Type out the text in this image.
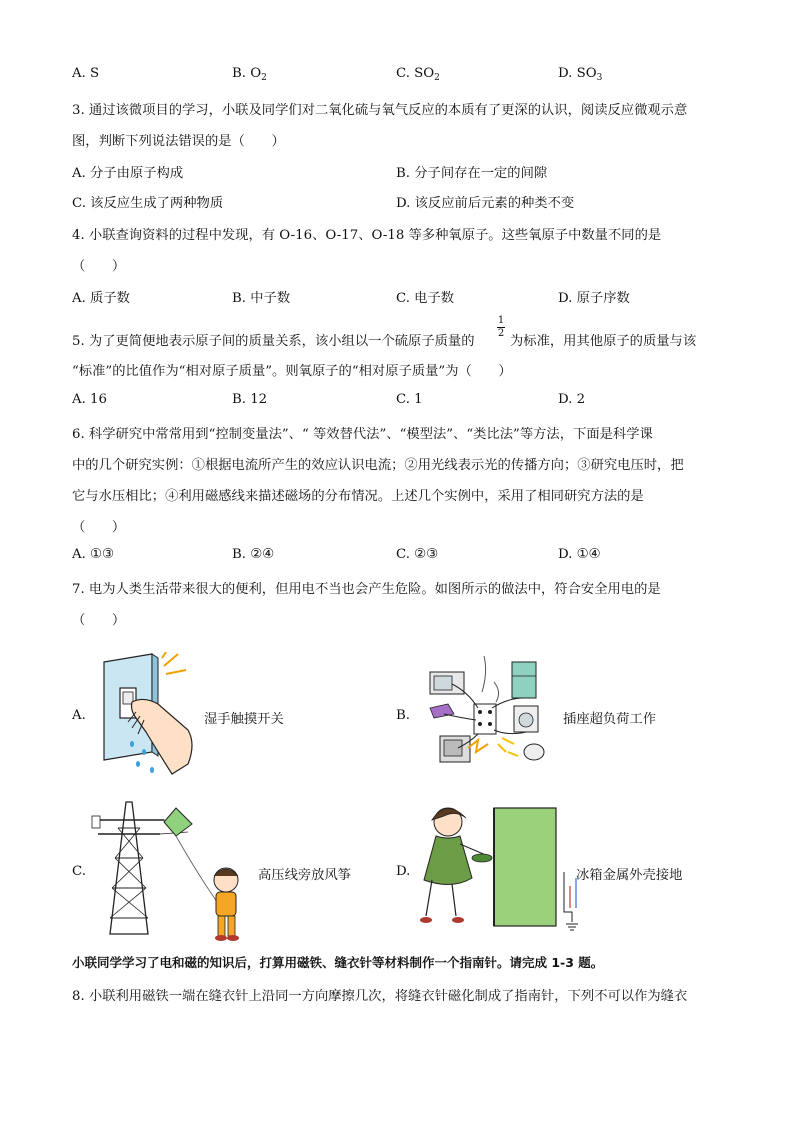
A. S	B. $O_2$	C. $SO_2$	D. $SO_3$
3. 通过该微项目的学习，小联及同学们对二氧化硫与氧气反应的本质有了更深的认识，阅读反应微观示意
图，判断下列说法错误的是（　　）
A. 分子由原子构成	B. 分子间存在一定的间隙
C. 该反应生成了两种物质	D. 该反应前后元素的种类不变
4. 小联查询资料的过程中发现，有 O-16、O-17、O-18 等多种氧原子。这些氧原子中数量不同的是
（　　）
A. 质子数	B. 中子数	C. 电子数	D. 原子序数
1
2
5. 为了更简便地表示原子间的质量关系，该小组以一个硫原子质量的	为标准，用其他原子的质量与该
“标准”的比值作为“相对原子质量”。则氧原子的“相对原子质量”为（　　）
A. 16	B. 12	C. 1	D. 2
6. 科学研究中常常用到“控制变量法”、“ 等效替代法”、“模型法”、“类比法”等方法，下面是科学课
中的几个研究实例：①根据电流所产生的效应认识电流；②用光线表示光的传播方向；③研究电压时，把
它与水压相比；④利用磁感线来描述磁场的分布情况。上述几个实例中，采用了相同研究方法的是
（　　）
A. ①③	B. ②④	C. ②③	D. ①④
7. 电为人类生活带来很大的便利，但用电不当也会产生危险。如图所示的做法中，符合安全用电的是
（　　）
A.	湿手触摸开关	B.	插座超负荷工作
C.	高压线旁放风筝	D.	冰箱金属外壳接地
小联同学学习了电和磁的知识后，打算用磁铁、缝衣针等材料制作一个指南针。请完成 1-3 题。
8. 小联利用磁铁一端在缝衣针上沿同一方向摩擦几次，将缝衣针磁化制成了指南针，下列不可以作为缝衣
